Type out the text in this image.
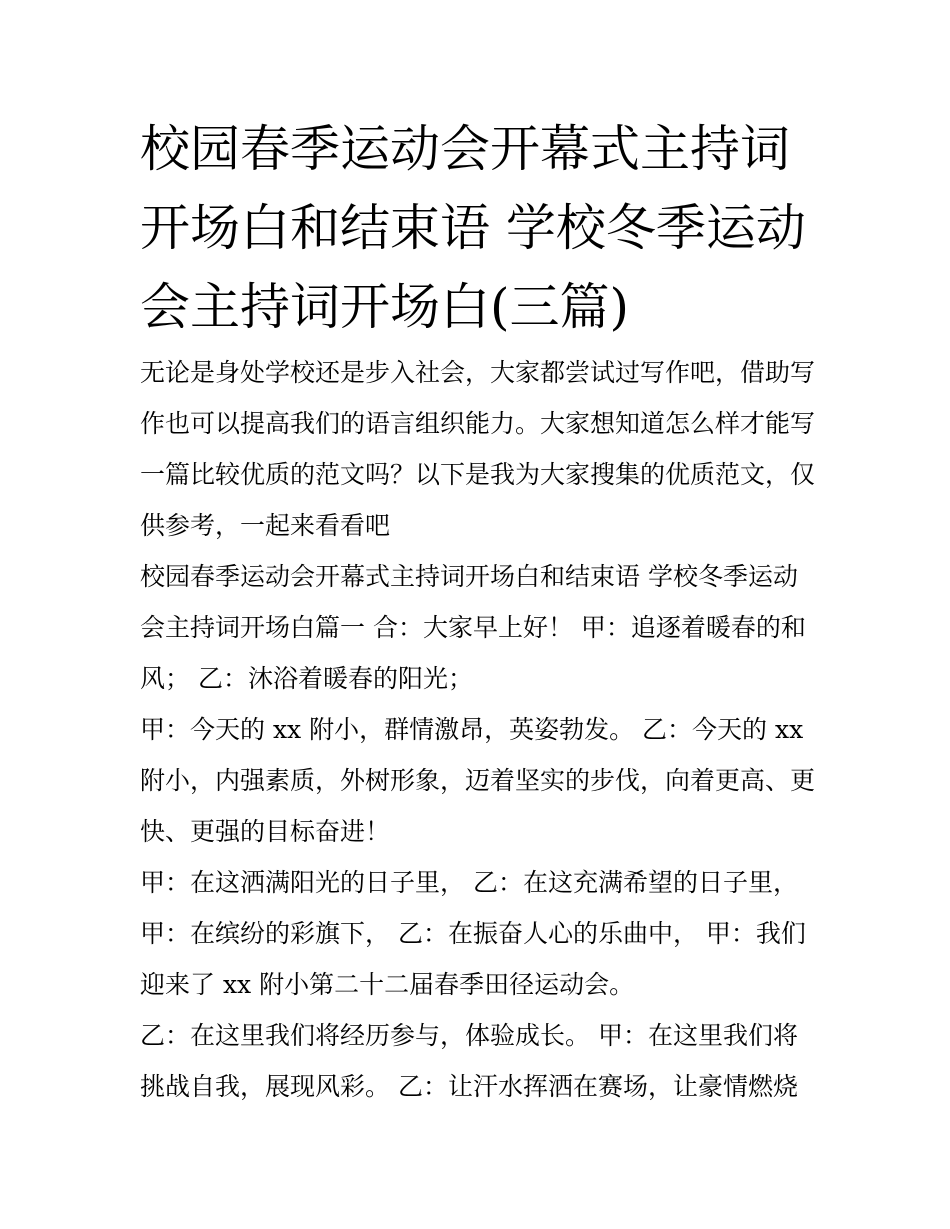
校园春季运动会开幕式主持词开场白和结束语 学校冬季运动会主持词开场白(三篇)

无论是身处学校还是步入社会，大家都尝试过写作吧，借助写作也可以提高我们的语言组织能力。大家想知道怎么样才能写一篇比较优质的范文吗？以下是我为大家搜集的优质范文，仅供参考，一起来看看吧

校园春季运动会开幕式主持词开场白和结束语 学校冬季运动会主持词开场白篇一 合：大家早上好！ 甲：追逐着暖春的和风； 乙：沐浴着暖春的阳光；

甲：今天的 xx 附小，群情激昂，英姿勃发。 乙：今天的 xx 附小，内强素质，外树形象，迈着坚实的步伐，向着更高、更快、更强的目标奋进！

甲：在这洒满阳光的日子里， 乙：在这充满希望的日子里， 甲：在缤纷的彩旗下， 乙：在振奋人心的乐曲中， 甲：我们迎来了 xx 附小第二十二届春季田径运动会。

乙：在这里我们将经历参与，体验成长。 甲：在这里我们将挑战自我，展现风彩。 乙：让汗水挥洒在赛场，让豪情燃烧
